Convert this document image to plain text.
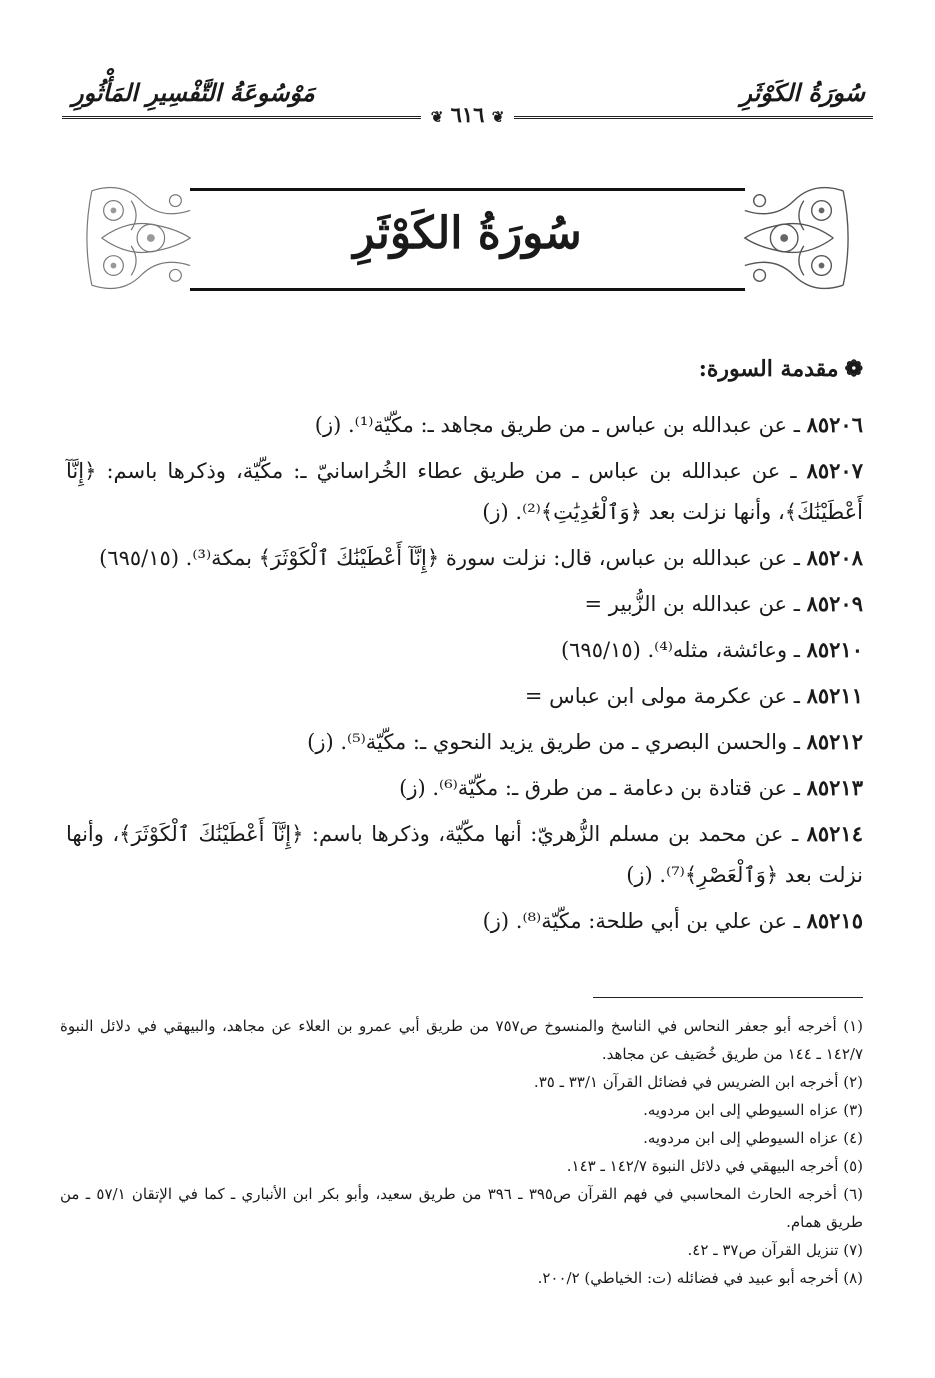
سُورَةُ الكَوْثَرِ
مَوْسُوعَةُ التَّفْسِيرِ المَأْثُورِ
❦ ٦١٦ ❦
سُورَةُ الكَوْثَرِ
❁مقدمة السورة:
٨٥٢٠٦ ـ عن عبدالله بن عباس ـ من طريق مجاهد ـ: مكّيّة⁽¹⁾. (ز)
٨٥٢٠٧ ـ عن عبدالله بن عباس ـ من طريق عطاء الخُراسانيّ ـ: مكّيّة، وذكرها باسم: ﴿إِنَّآ أَعْطَيْنَٰكَ﴾، وأنها نزلت بعد ﴿وَٱلْعَٰدِيَٰتِ﴾⁽²⁾. (ز)
٨٥٢٠٨ ـ عن عبدالله بن عباس، قال: نزلت سورة ﴿إِنَّآ أَعْطَيْنَٰكَ ٱلْكَوْثَرَ﴾ بمكة⁽³⁾. (٦٩٥/١٥)
٨٥٢٠٩ ـ عن عبدالله بن الزُّبير =
٨٥٢١٠ ـ وعائشة، مثله⁽⁴⁾. (٦٩٥/١٥)
٨٥٢١١ ـ عن عكرمة مولى ابن عباس =
٨٥٢١٢ ـ والحسن البصري ـ من طريق يزيد النحوي ـ: مكّيّة⁽⁵⁾. (ز)
٨٥٢١٣ ـ عن قتادة بن دعامة ـ من طرق ـ: مكّيّة⁽⁶⁾. (ز)
٨٥٢١٤ ـ عن محمد بن مسلم الزُّهريّ: أنها مكّيّة، وذكرها باسم: ﴿إِنَّآ أَعْطَيْنَٰكَ ٱلْكَوْثَرَ﴾، وأنها نزلت بعد ﴿وَٱلْعَصْرِ﴾⁽⁷⁾. (ز)
٨٥٢١٥ ـ عن علي بن أبي طلحة: مكّيّة⁽⁸⁾. (ز)
(١) أخرجه أبو جعفر النحاس في الناسخ والمنسوخ ص٧٥٧ من طريق أبي عمرو بن العلاء عن مجاهد، والبيهقي في دلائل النبوة ١٤٢/٧ ـ ١٤٤ من طريق خُصَيف عن مجاهد.
(٢) أخرجه ابن الضريس في فضائل القرآن ٣٣/١ ـ ٣٥.
(٣) عزاه السيوطي إلى ابن مردويه.
(٤) عزاه السيوطي إلى ابن مردويه.
(٥) أخرجه البيهقي في دلائل النبوة ١٤٢/٧ ـ ١٤٣.
(٦) أخرجه الحارث المحاسبي في فهم القرآن ص٣٩٥ ـ ٣٩٦ من طريق سعيد، وأبو بكر ابن الأنباري ـ كما في الإتقان ٥٧/١ ـ من طريق همام.
(٧) تنزيل القرآن ص٣٧ ـ ٤٢.
(٨) أخرجه أبو عبيد في فضائله (ت: الخياطي) ٢٠٠/٢.
